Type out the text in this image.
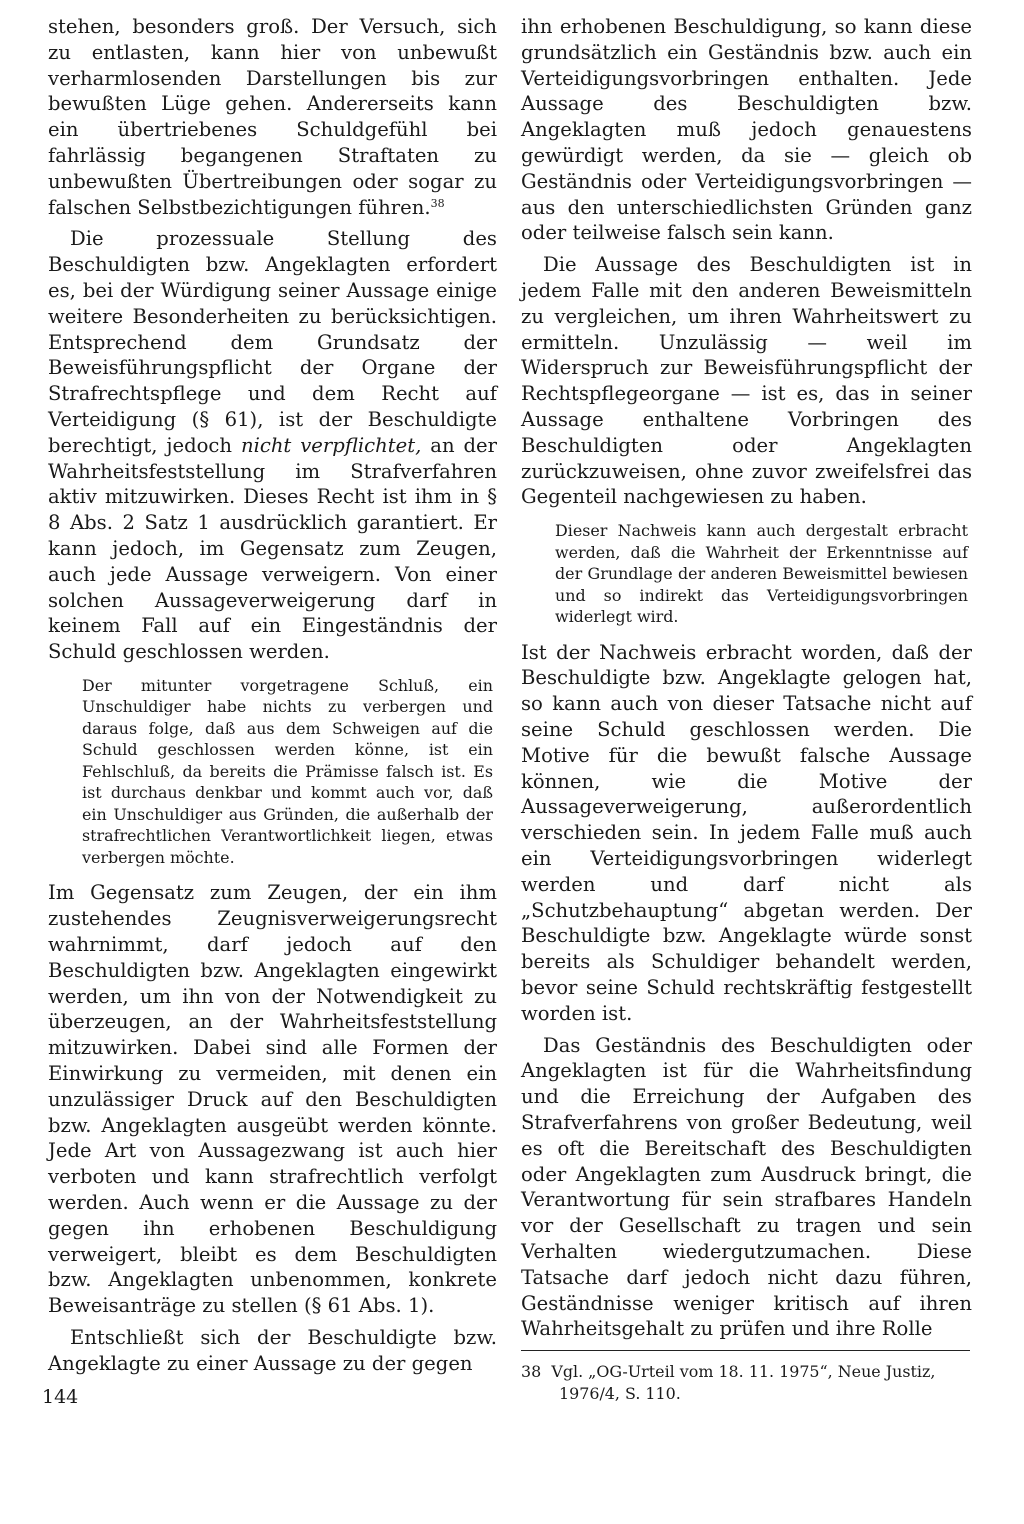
stehen, besonders groß. Der Versuch, sich zu entlasten, kann hier von unbewußt verharmlosenden Darstellungen bis zur bewußten Lüge gehen. Andererseits kann ein übertriebenes Schuldgefühl bei fahrlässig begangenen Straftaten zu unbewußten Übertreibungen oder sogar zu falschen Selbstbezichtigungen führen.$^{38}$

Die prozessuale Stellung des Beschuldigten bzw. Angeklagten erfordert es, bei der Würdigung seiner Aussage einige weitere Besonderheiten zu berücksichtigen. Entsprechend dem Grundsatz der Beweisführungspflicht der Organe der Strafrechtspflege und dem Recht auf Verteidigung (§ 61), ist der Beschuldigte berechtigt, jedoch nicht verpflichtet, an der Wahrheitsfeststellung im Strafverfahren aktiv mitzuwirken. Dieses Recht ist ihm in § 8 Abs. 2 Satz 1 ausdrücklich garantiert. Er kann jedoch, im Gegensatz zum Zeugen, auch jede Aussage verweigern. Von einer solchen Aussageverweigerung darf in keinem Fall auf ein Eingeständnis der Schuld geschlossen werden.

Der mitunter vorgetragene Schluß, ein Unschuldiger habe nichts zu verbergen und daraus folge, daß aus dem Schweigen auf die Schuld geschlossen werden könne, ist ein Fehlschluß, da bereits die Prämisse falsch ist. Es ist durchaus denkbar und kommt auch vor, daß ein Unschuldiger aus Gründen, die außerhalb der strafrechtlichen Verantwortlichkeit liegen, etwas verbergen möchte.

Im Gegensatz zum Zeugen, der ein ihm zustehendes Zeugnisverweigerungsrecht wahrnimmt, darf jedoch auf den Beschuldigten bzw. Angeklagten eingewirkt werden, um ihn von der Notwendigkeit zu überzeugen, an der Wahrheitsfeststellung mitzuwirken. Dabei sind alle Formen der Einwirkung zu vermeiden, mit denen ein unzulässiger Druck auf den Beschuldigten bzw. Angeklagten ausgeübt werden könnte. Jede Art von Aussagezwang ist auch hier verboten und kann strafrechtlich verfolgt werden. Auch wenn er die Aussage zu der gegen ihn erhobenen Beschuldigung verweigert, bleibt es dem Beschuldigten bzw. Angeklagten unbenommen, konkrete Beweisanträge zu stellen (§ 61 Abs. 1).

Entschließt sich der Beschuldigte bzw. Angeklagte zu einer Aussage zu der gegen

ihn erhobenen Beschuldigung, so kann diese grundsätzlich ein Geständnis bzw. auch ein Verteidigungsvorbringen enthalten. Jede Aussage des Beschuldigten bzw. Angeklagten muß jedoch genauestens gewürdigt werden, da sie — gleich ob Geständnis oder Verteidigungsvorbringen — aus den unterschiedlichsten Gründen ganz oder teilweise falsch sein kann.

Die Aussage des Beschuldigten ist in jedem Falle mit den anderen Beweismitteln zu vergleichen, um ihren Wahrheitswert zu ermitteln. Unzulässig — weil im Widerspruch zur Beweisführungspflicht der Rechtspflegeorgane — ist es, das in seiner Aussage enthaltene Vorbringen des Beschuldigten oder Angeklagten zurückzuweisen, ohne zuvor zweifelsfrei das Gegenteil nachgewiesen zu haben.

Dieser Nachweis kann auch dergestalt erbracht werden, daß die Wahrheit der Erkenntnisse auf der Grundlage der anderen Beweismittel bewiesen und so indirekt das Verteidigungsvorbringen widerlegt wird.

Ist der Nachweis erbracht worden, daß der Beschuldigte bzw. Angeklagte gelogen hat, so kann auch von dieser Tatsache nicht auf seine Schuld geschlossen werden. Die Motive für die bewußt falsche Aussage können, wie die Motive der Aussageverweigerung, außerordentlich verschieden sein. In jedem Falle muß auch ein Verteidigungsvorbringen widerlegt werden und darf nicht als „Schutzbehauptung“ abgetan werden. Der Beschuldigte bzw. Angeklagte würde sonst bereits als Schuldiger behandelt werden, bevor seine Schuld rechtskräftig festgestellt worden ist.

Das Geständnis des Beschuldigten oder Angeklagten ist für die Wahrheitsfindung und die Erreichung der Aufgaben des Strafverfahrens von großer Bedeutung, weil es oft die Bereitschaft des Beschuldigten oder Angeklagten zum Ausdruck bringt, die Verantwortung für sein strafbares Handeln vor der Gesellschaft zu tragen und sein Verhalten wiedergutzumachen. Diese Tatsache darf jedoch nicht dazu führen, Geständnisse weniger kritisch auf ihren Wahrheitsgehalt zu prüfen und ihre Rolle

38 Vgl. „OG-Urteil vom 18. 11. 1975“, Neue Justiz, 1976/4, S. 110.
144
